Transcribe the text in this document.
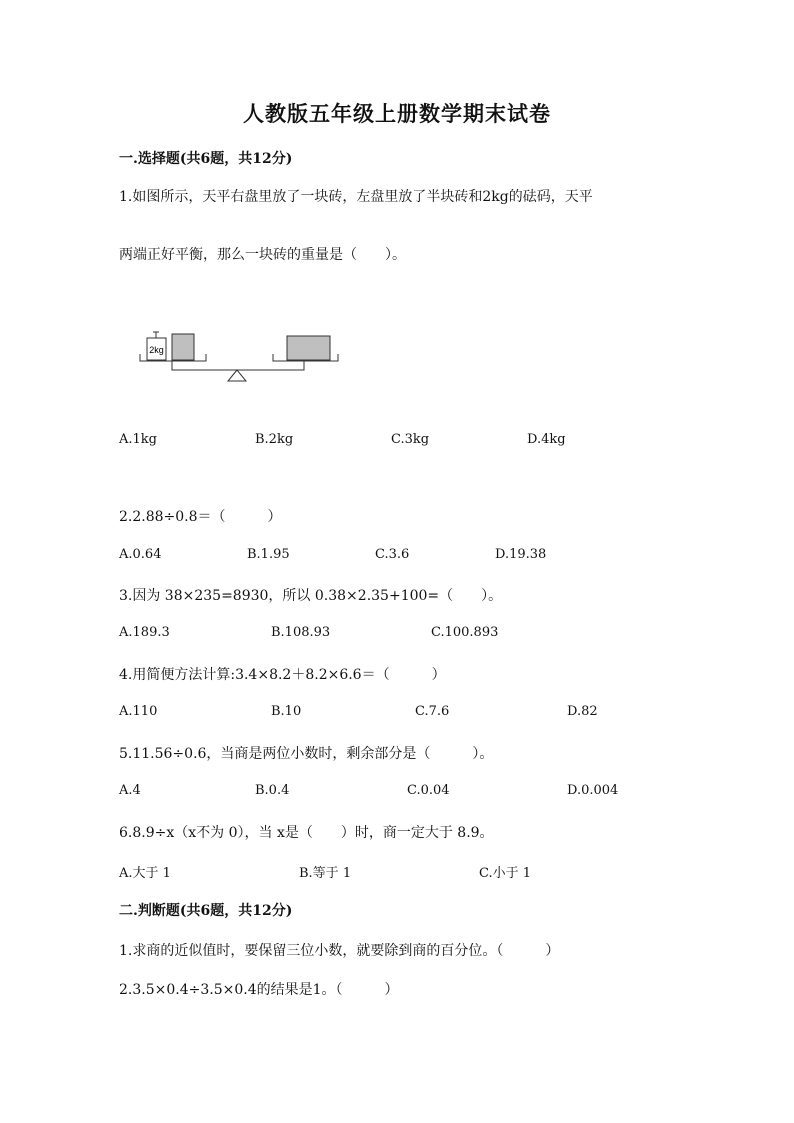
人教版五年级上册数学期末试卷
一.选择题(共6题，共12分)
1.如图所示，天平右盘里放了一块砖，左盘里放了半块砖和2kg的砝码，天平
两端正好平衡，那么一块砖的重量是（　　）。
2kg
A.1kg	B.2kg	C.3kg	D.4kg
2.2.88÷0.8＝（　　　）
A.0.64	B.1.95	C.3.6	D.19.38
3.因为 38×235=8930，所以 0.38×2.35+100=（　　）。
A.189.3	B.108.93	C.100.893
4.用简便方法计算:3.4×8.2＋8.2×6.6＝（　　　）
A.110	B.10	C.7.6	D.82
5.11.56÷0.6，当商是两位小数时，剩余部分是（　　　）。
A.4	B.0.4	C.0.04	D.0.004
6.8.9÷x（x不为 0），当 x是（　　）时，商一定大于 8.9。
A.大于 1	B.等于 1	C.小于 1
二.判断题(共6题，共12分)
1.求商的近似值时，要保留三位小数，就要除到商的百分位。（　　　）
2.3.5×0.4÷3.5×0.4的结果是1。（　　　）
